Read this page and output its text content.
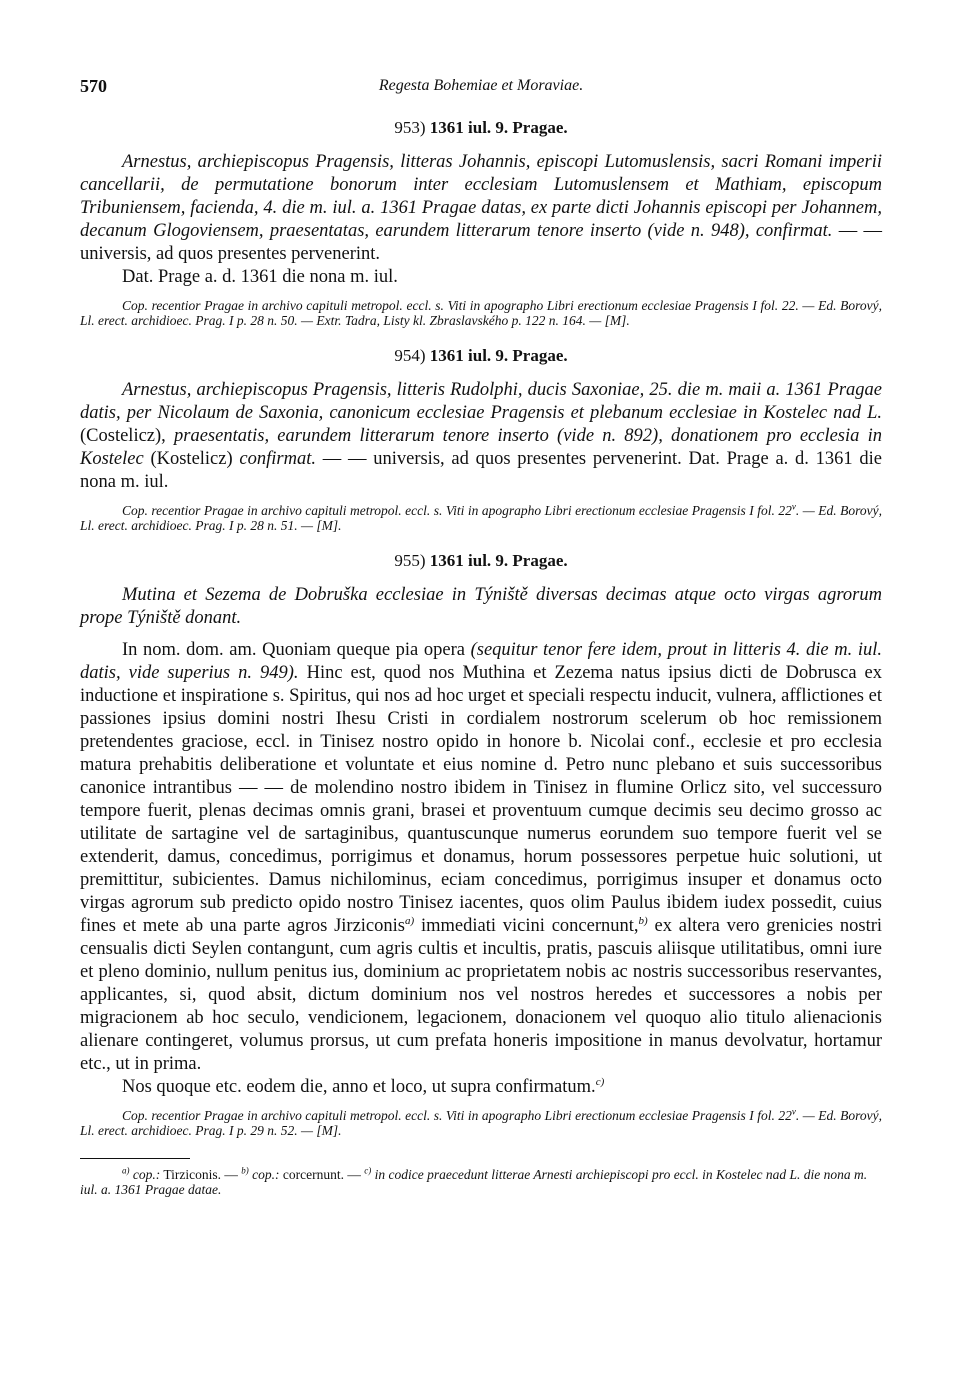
570	Regesta Bohemiae et Moraviae.

953) 1361 iul. 9. Pragae.

Arnestus, archiepiscopus Pragensis, litteras Johannis, episcopi Lutomuslensis, sacri Romani imperii cancellarii, de permutatione bonorum inter ecclesiam Lutomuslensem et Mathiam, episcopum Tribuniensem, facienda, 4. die m. iul. a. 1361 Pragae datas, ex parte dicti Johannis episcopi per Johannem, decanum Glogoviensem, praesentatas, earundem litterarum tenore inserto (vide n. 948), confirmat. — — universis, ad quos presentes pervenerint.

Dat. Prage a. d. 1361 die nona m. iul.

Cop. recentior Pragae in archivo capituli metropol. eccl. s. Viti in apographo Libri erectionum ecclesiae Pragensis I fol. 22. — Ed. Borový, Ll. erect. archidioec. Prag. I p. 28 n. 50. — Extr. Tadra, Listy kl. Zbraslavského p. 122 n. 164. — [M].

954) 1361 iul. 9. Pragae.

Arnestus, archiepiscopus Pragensis, litteris Rudolphi, ducis Saxoniae, 25. die m. maii a. 1361 Pragae datis, per Nicolaum de Saxonia, canonicum ecclesiae Pragensis et plebanum ecclesiae in Kostelec nad L. (Costelicz), praesentatis, earundem litterarum tenore inserto (vide n. 892), donationem pro ecclesia in Kostelec (Kostelicz) confirmat. — — universis, ad quos presentes pervenerint. Dat. Prage a. d. 1361 die nona m. iul.

Cop. recentior Pragae in archivo capituli metropol. eccl. s. Viti in apographo Libri erectionum ecclesiae Pragensis I fol. 22$^v$. — Ed. Borový, Ll. erect. archidioec. Prag. I p. 28 n. 51. — [M].

955) 1361 iul. 9. Pragae.

Mutina et Sezema de Dobruška ecclesiae in Týniště diversas decimas atque octo virgas agrorum prope Týniště donant.

In nom. dom. am. Quoniam queque pia opera (sequitur tenor fere idem, prout in litteris 4. die m. iul. datis, vide superius n. 949). Hinc est, quod nos Muthina et Zezema natus ipsius dicti de Dobrusca ex inductione et inspiratione s. Spiritus, qui nos ad hoc urget et speciali respectu inducit, vulnera, afflictiones et passiones ipsius domini nostri Ihesu Cristi in cordialem nostrorum scelerum ob hoc remissionem pretendentes graciose, eccl. in Tinisez nostro opido in honore b. Nicolai conf., ecclesie et pro ecclesia matura prehabitis deliberatione et voluntate et eius nomine d. Petro nunc plebano et suis successoribus canonice intrantibus — — de molendino nostro ibidem in Tinisez in flumine Orlicz sito, vel successuro tempore fuerit, plenas decimas omnis grani, brasei et proventuum cumque decimis seu decimo grosso ac utilitate de sartagine vel de sartaginibus, quantuscunque numerus eorundem suo tempore fuerit vel se extenderit, damus, concedimus, porrigimus et donamus, horum possessores perpetue huic solutioni, ut premittitur, subicientes. Damus nichilominus, eciam concedimus, porrigimus insuper et donamus octo virgas agrorum sub predicto opido nostro Tinisez iacentes, quos olim Paulus ibidem iudex possedit, cuius fines et mete ab una parte agros Jirziconis$^{a)}$ immediati vicini concernunt,$^{b)}$ ex altera vero grenicies nostri censualis dicti Seylen contangunt, cum agris cultis et incultis, pratis, pascuis aliisque utilitatibus, omni iure et pleno dominio, nullum penitus ius, dominium ac proprietatem nobis ac nostris successoribus reservantes, applicantes, si, quod absit, dictum dominium nos vel nostros heredes et successores a nobis per migracionem ab hoc seculo, vendicionem, legacionem, donacionem vel quoquo alio titulo alienacionis alienare contingeret, volumus prorsus, ut cum prefata honeris impositione in manus devolvatur, hortamur etc., ut in prima.

Nos quoque etc. eodem die, anno et loco, ut supra confirmatum.$^{c)}$

Cop. recentior Pragae in archivo capituli metropol. eccl. s. Viti in apographo Libri erectionum ecclesiae Pragensis I fol. 22$^v$. — Ed. Borový, Ll. erect. archidioec. Prag. I p. 29 n. 52. — [M].

$^{a)}$ cop.: Tirziconis. — $^{b)}$ cop.: corcernunt. — $^{c)}$ in codice praecedunt litterae Arnesti archiepiscopi pro eccl. in Kostelec nad L. die nona m. iul. a. 1361 Pragae datae.
